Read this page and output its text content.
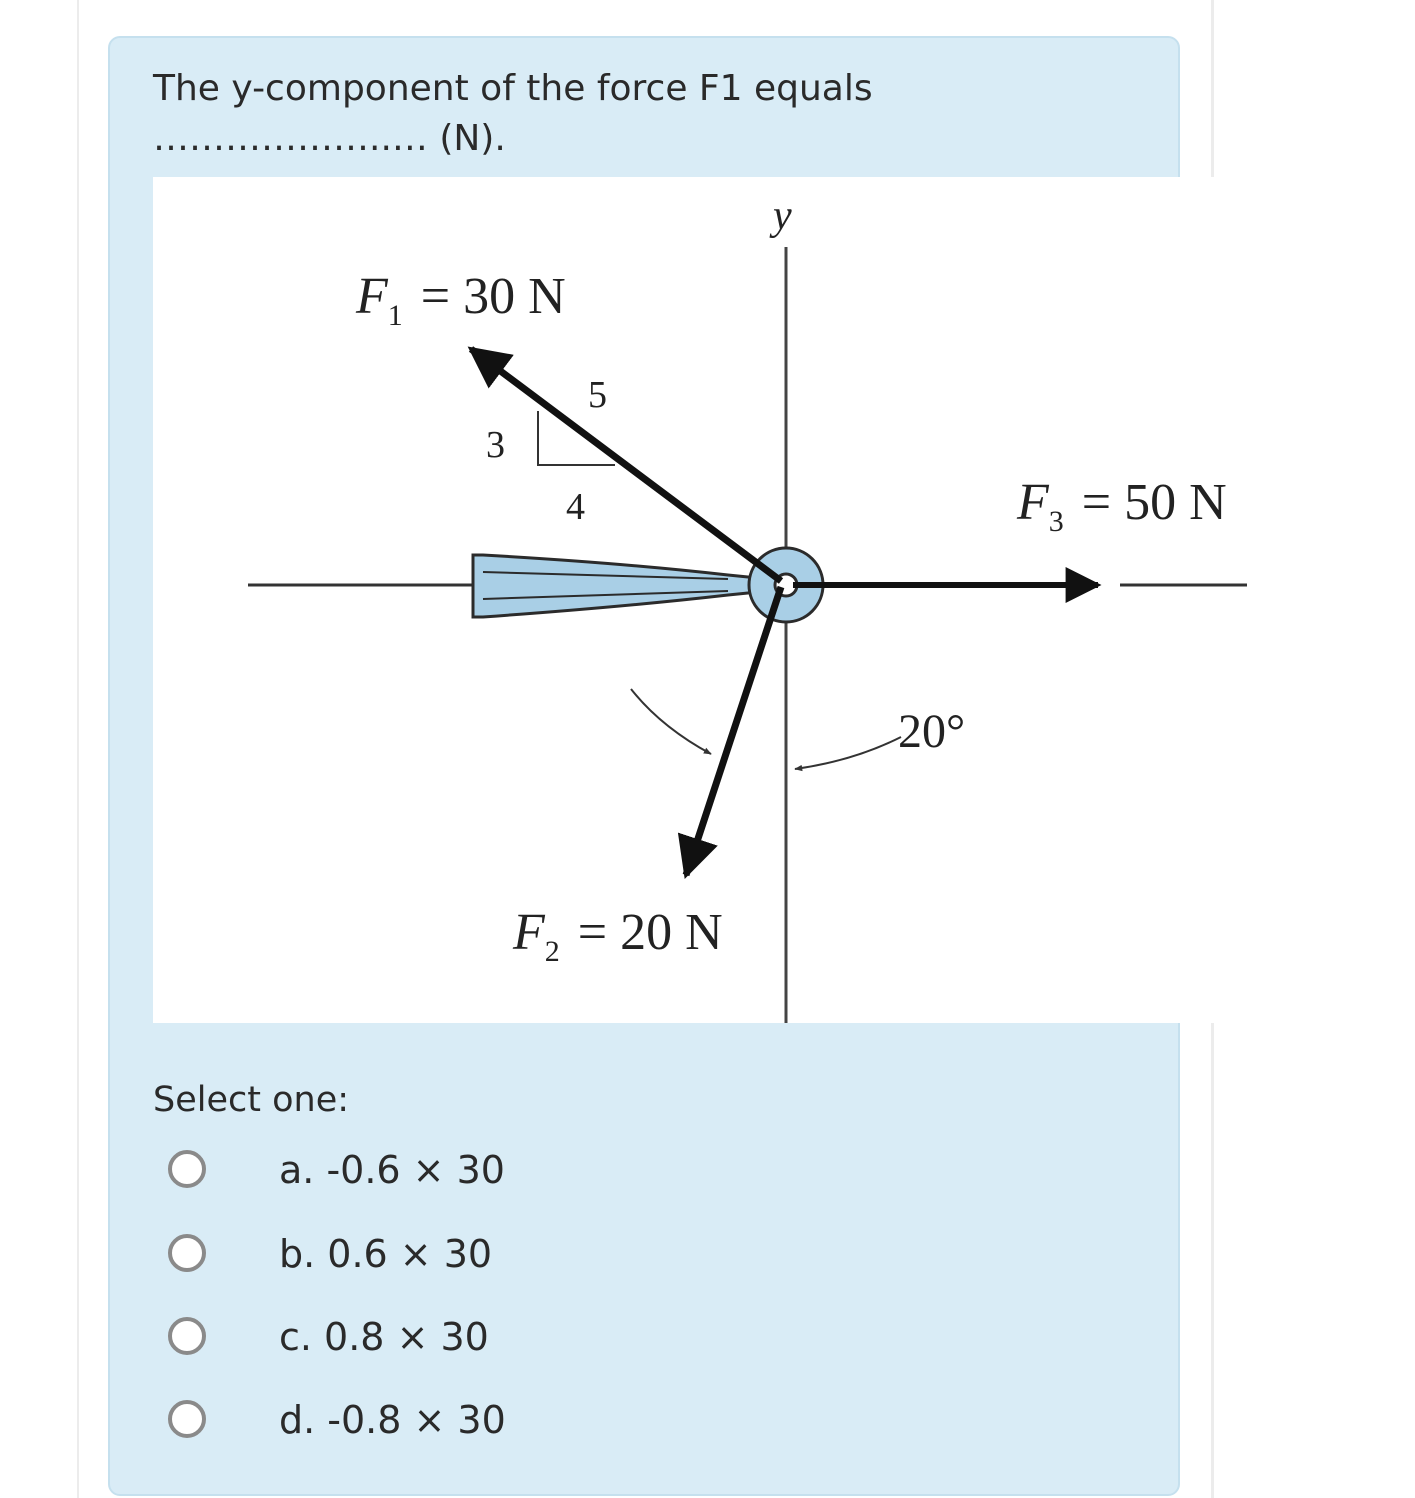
The y-component of the force F1 equals
………………..… (N).

y
$F_1 = 30$ N
5
3
4	$F_3 = 50$ N
20°
$F_2 = 20$ N
Select one:
a. -0.6 × 30
b. 0.6 × 30
c. 0.8 × 30
d. -0.8 × 30
